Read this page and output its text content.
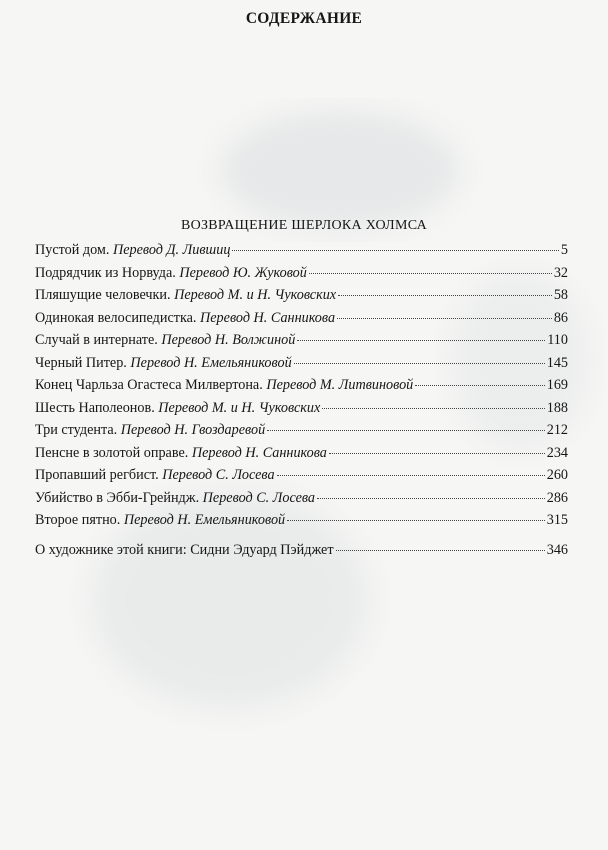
СОДЕРЖАНИЕ
ВОЗВРАЩЕНИЕ ШЕРЛОКА ХОЛМСА
Пустой дом. Перевод Д. Лившиц	5
Подрядчик из Норвуда. Перевод Ю. Жуковой	32
Пляшущие человечки. Перевод М. и Н. Чуковских	58
Одинокая велосипедистка. Перевод Н. Санникова	86
Случай в интернате. Перевод Н. Волжиной	110
Черный Питер. Перевод Н. Емельяниковой	145
Конец Чарльза Огастеса Милвертона. Перевод М. Литвиновой	169
Шесть Наполеонов. Перевод М. и Н. Чуковских	188
Три студента. Перевод Н. Гвоздаревой	212
Пенсне в золотой оправе. Перевод Н. Санникова	234
Пропавший регбист. Перевод С. Лосева	260
Убийство в Эбби-Грейндж. Перевод С. Лосева	286
Второе пятно. Перевод Н. Емельяниковой	315
О художнике этой книги: Сидни Эдуард Пэйджет	346
